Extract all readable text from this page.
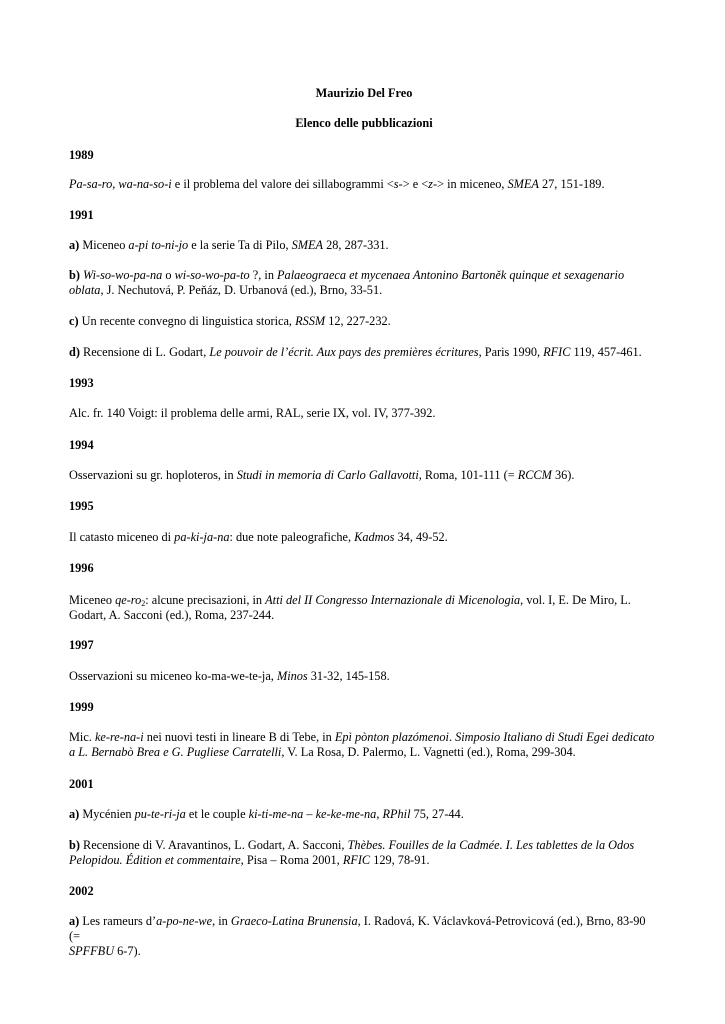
Maurizio Del Freo

Elenco delle pubblicazioni

1989

Pa-sa-ro, wa-na-so-i e il problema del valore dei sillabogrammi <s-> e <z-> in miceneo, SMEA 27, 151-189.

1991

a) Miceneo a-pi to-ni-jo e la serie Ta di Pilo, SMEA 28, 287-331.

b) Wi-so-wo-pa-na o wi-so-wo-pa-to ?, in Palaeograeca et mycenaea Antonino Bartoněk quinque et sexagenario
oblata, J. Nechutová, P. Peňáz, D. Urbanová (ed.), Brno, 33-51.

c) Un recente convegno di linguistica storica, RSSM 12, 227-232.

d) Recensione di L. Godart, Le pouvoir de l’écrit. Aux pays des premières écritures, Paris 1990, RFIC 119, 457-461.

1993

Alc. fr. 140 Voigt: il problema delle armi, RAL, serie IX, vol. IV, 377-392.

1994

Osservazioni su gr. hoploteros, in Studi in memoria di Carlo Gallavotti, Roma, 101-111 (= RCCM 36).

1995

Il catasto miceneo di pa-ki-ja-na: due note paleografiche, Kadmos 34, 49-52.

1996

Miceneo $qe-ro_2$: alcune precisazioni, in Atti del II Congresso Internazionale di Micenologia, vol. I, E. De Miro, L.
Godart, A. Sacconi (ed.), Roma, 237-244.

1997

Osservazioni su miceneo ko-ma-we-te-ja, Minos 31-32, 145-158.

1999

Mic. ke-re-na-i nei nuovi testi in lineare B di Tebe, in Epì pònton plazómenoi. Simposio Italiano di Studi Egei dedicato
a L. Bernabò Brea e G. Pugliese Carratelli, V. La Rosa, D. Palermo, L. Vagnetti (ed.), Roma, 299-304.

2001

a) Mycénien pu-te-ri-ja et le couple ki-ti-me-na – ke-ke-me-na, RPhil 75, 27-44.

b) Recensione di V. Aravantinos, L. Godart, A. Sacconi, Thèbes. Fouilles de la Cadmée. I. Les tablettes de la Odos
Pelopidou. Édition et commentaire, Pisa – Roma 2001, RFIC 129, 78-91.

2002

a) Les rameurs d’a-po-ne-we, in Graeco-Latina Brunensia, I. Radová, K. Václavková-Petrovicová (ed.), Brno, 83-90 (=
SPFFBU 6-7).
